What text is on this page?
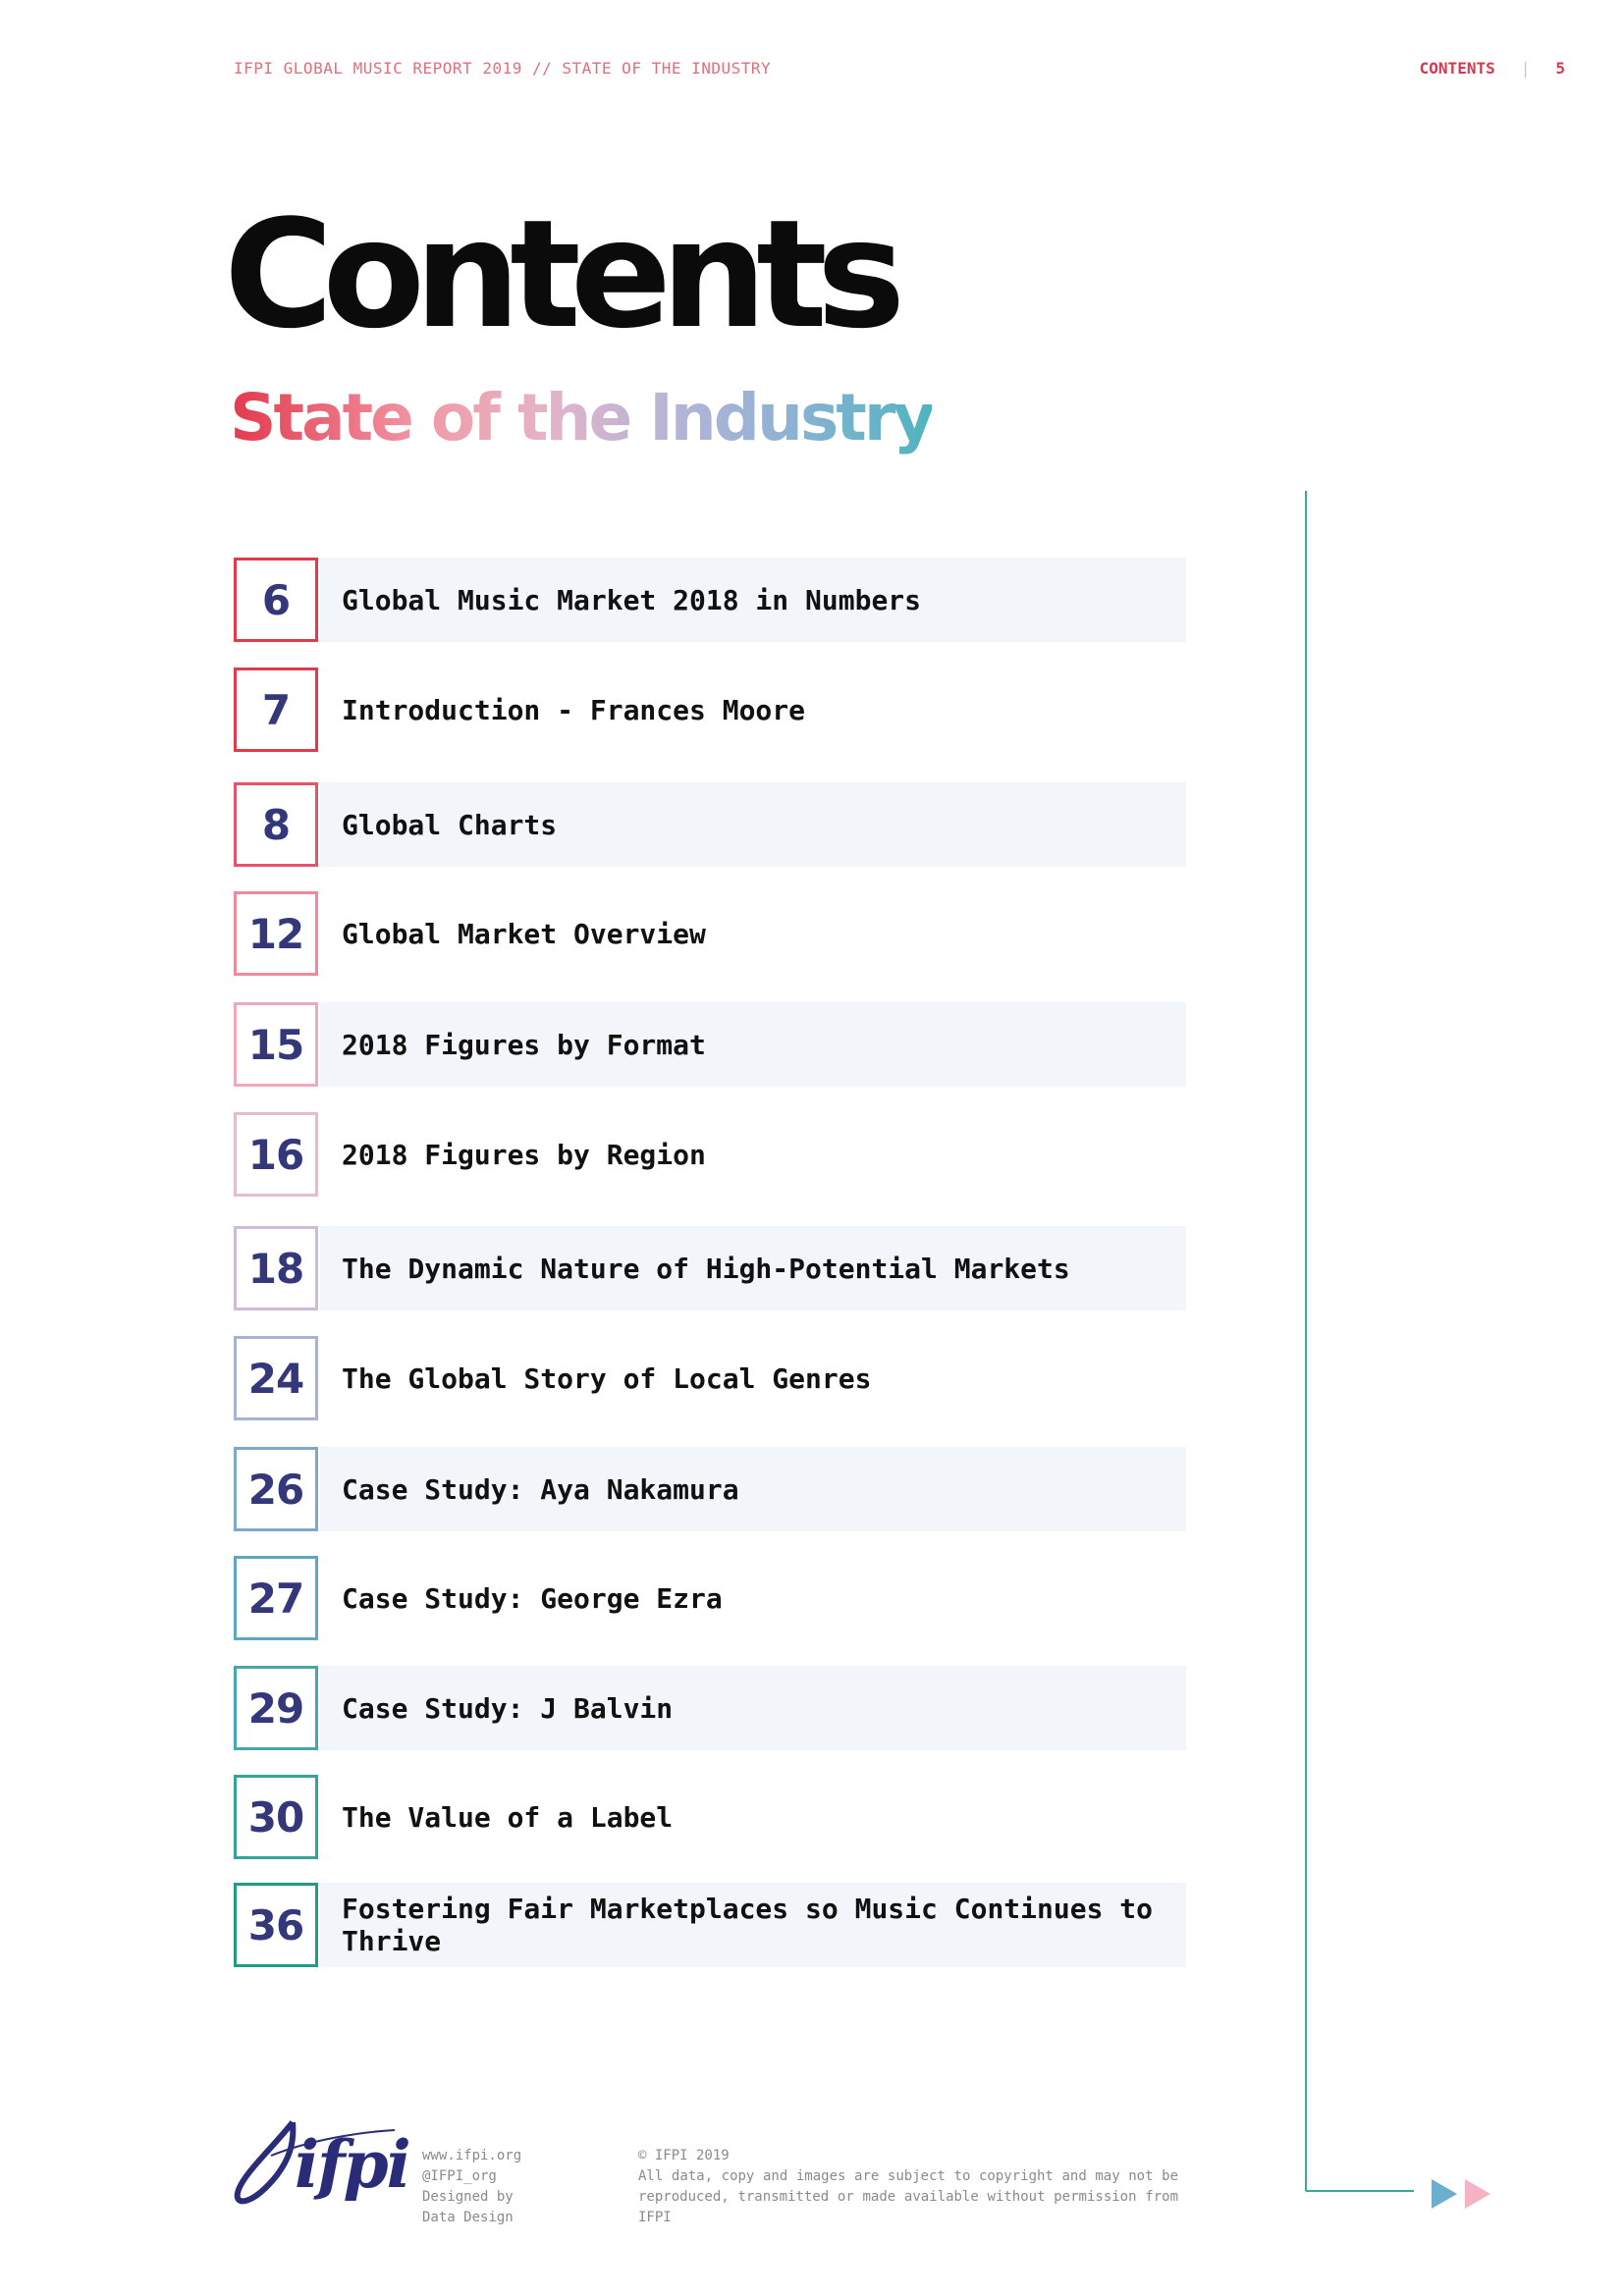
IFPI GLOBAL MUSIC REPORT 2019 // STATE OF THE INDUSTRY	CONTENTS | 5
Contents
State of the Industry
6	Global Music Market 2018 in Numbers
7	Introduction - Frances Moore
8	Global Charts
12	Global Market Overview
15	2018 Figures by Format
16	2018 Figures by Region
18	The Dynamic Nature of High-Potential Markets
24	The Global Story of Local Genres
26	Case Study: Aya Nakamura
27	Case Study: George Ezra
29	Case Study: J Balvin
30	The Value of a Label
36	Fostering Fair Marketplaces so Music Continues to Thrive
ifpi www.ifpi.org
@IFPI_org
Designed by Data Design
© IFPI 2019
All data, copy and images are subject to copyright and may not be
reproduced, transmitted or made available without permission from IFPI
